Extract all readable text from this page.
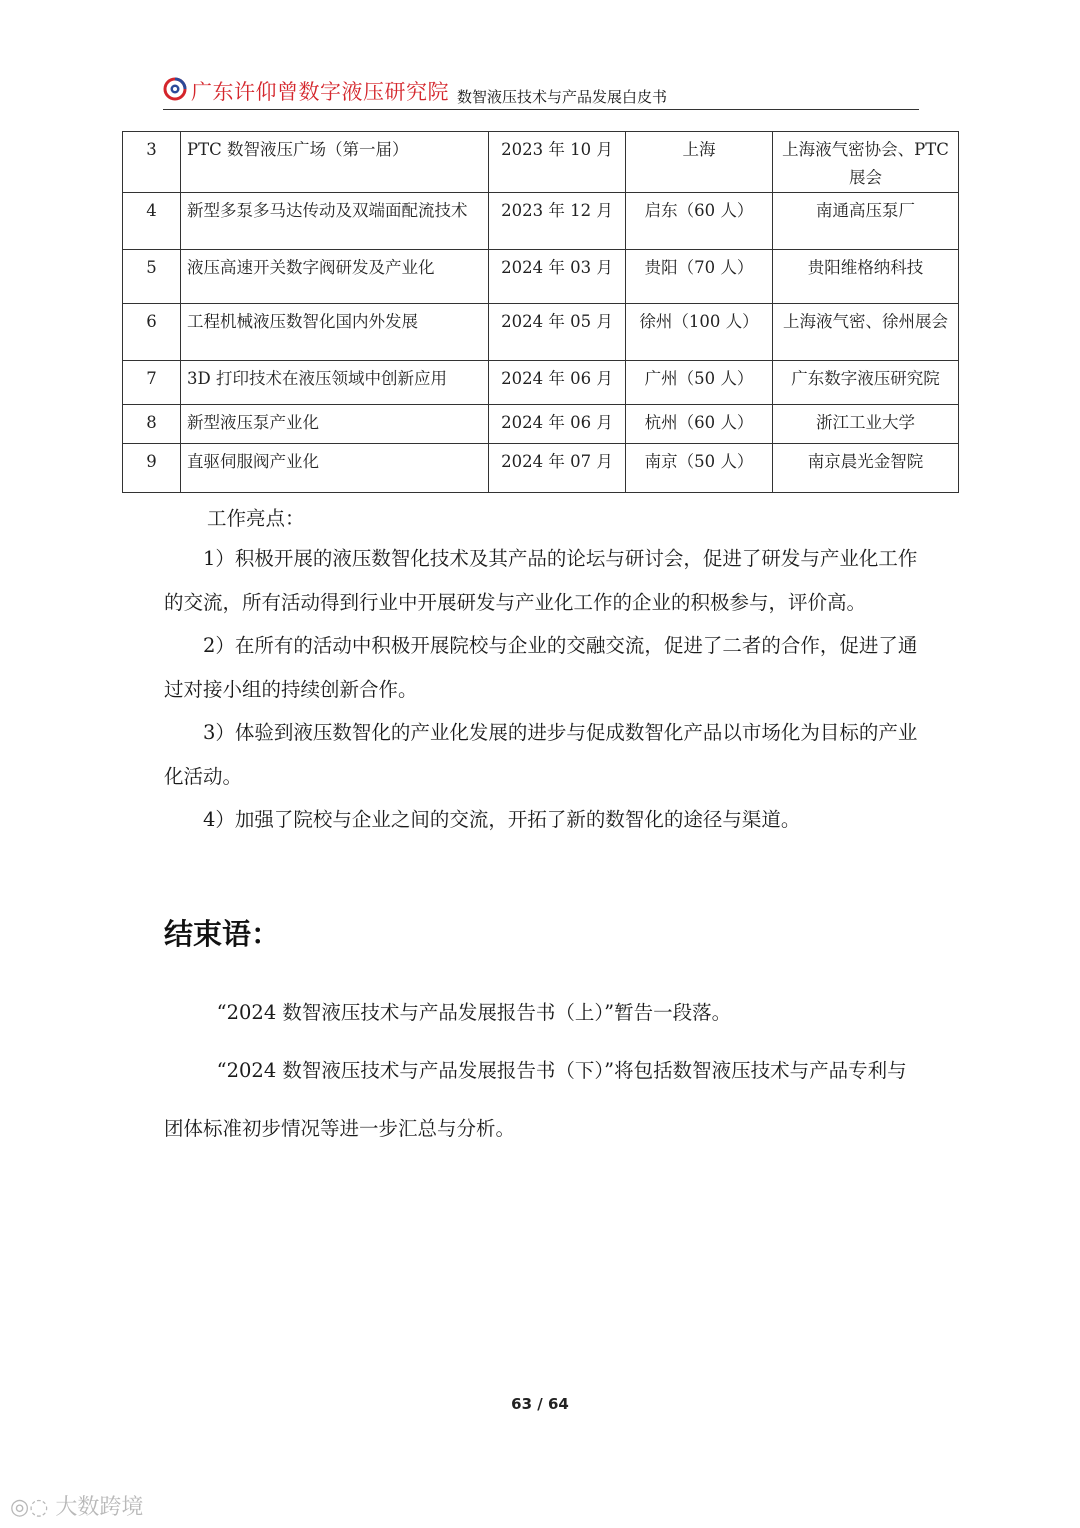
广东许仰曾数字液压研究院 数智液压技术与产品发展白皮书
3	PTC 数智液压广场（第一届）	2023 年 10 月	上海	上海液气密协会、PTC 展会
4	新型多泵多马达传动及双端面配流技术	2023 年 12 月	启东（60 人）	南通高压泵厂
5	液压高速开关数字阀研发及产业化	2024 年 03 月	贵阳（70 人）	贵阳维格纳科技
6	工程机械液压数智化国内外发展	2024 年 05 月	徐州（100 人）	上海液气密、徐州展会
7	3D 打印技术在液压领域中创新应用	2024 年 06 月	广州（50 人）	广东数字液压研究院
8	新型液压泵产业化	2024 年 06 月	杭州（60 人）	浙江工业大学
9	直驱伺服阀产业化	2024 年 07 月	南京（50 人）	南京晨光金智院
工作亮点：

1）积极开展的液压数智化技术及其产品的论坛与研讨会，促进了研发与产业化工作的交流，所有活动得到行业中开展研发与产业化工作的企业的积极参与，评价高。

2）在所有的活动中积极开展院校与企业的交融交流，促进了二者的合作，促进了通过对接小组的持续创新合作。

3）体验到液压数智化的产业化发展的进步与促成数智化产品以市场化为目标的产业化活动。

4）加强了院校与企业之间的交流，开拓了新的数智化的途径与渠道。

结束语：

“2024 数智液压技术与产品发展报告书（上）”暂告一段落。

“2024 数智液压技术与产品发展报告书（下）”将包括数智液压技术与产品专利与团体标准初步情况等进一步汇总与分析。

63 / 64
◎◌ 大数跨境
